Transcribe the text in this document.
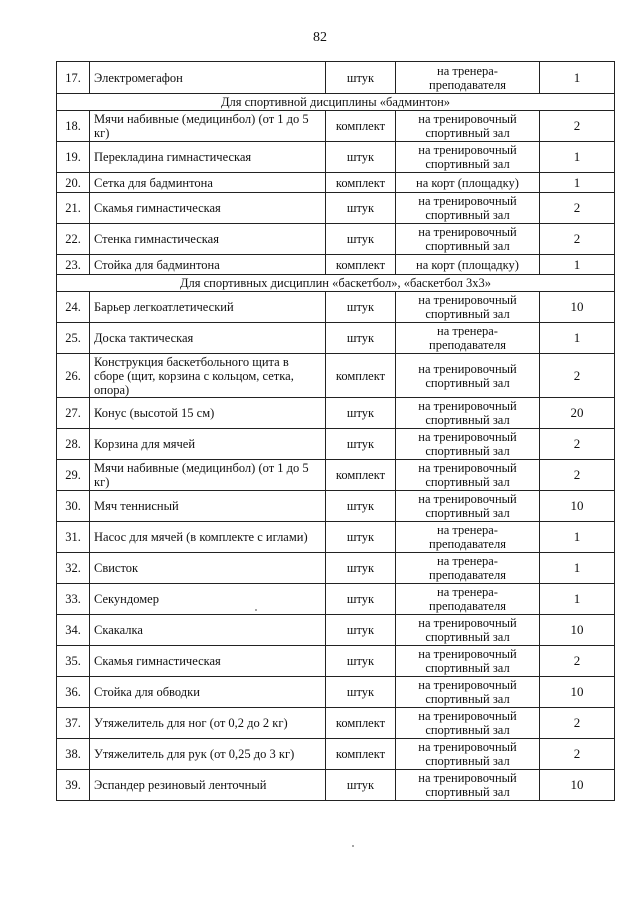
82
17.	Электромегафон	штук	на тренера-преподавателя	1
Для спортивной дисциплины «бадминтон»				
18.	Мячи набивные (медицинбол) (от 1 до 5 кг)	комплект	на тренировочный спортивный зал	2
19.	Перекладина гимнастическая	штук	на тренировочный спортивный зал	1
20.	Сетка для бадминтона	комплект	на корт (площадку)	1
21.	Скамья гимнастическая	штук	на тренировочный спортивный зал	2
22.	Стенка гимнастическая	штук	на тренировочный спортивный зал	2
23.	Стойка для бадминтона	комплект	на корт (площадку)	1
Для спортивных дисциплин «баскетбол», «баскетбол 3x3»				
24.	Барьер легкоатлетический	штук	на тренировочный спортивный зал	10
25.	Доска тактическая	штук	на тренера-преподавателя	1
26.	Конструкция баскетбольного щита в сборе (щит, корзина с кольцом, сетка, опора)	комплект	на тренировочный спортивный зал	2
27.	Конус (высотой 15 см)	штук	на тренировочный спортивный зал	20
28.	Корзина для мячей	штук	на тренировочный спортивный зал	2
29.	Мячи набивные (медицинбол) (от 1 до 5 кг)	комплект	на тренировочный спортивный зал	2
30.	Мяч теннисный	штук	на тренировочный спортивный зал	10
31.	Насос для мячей (в комплекте с иглами)	штук	на тренера-преподавателя	1
32.	Свисток	штук	на тренера-преподавателя	1
33.	Секундомер	штук	на тренера-преподавателя	1
34.	Скакалка	штук	на тренировочный спортивный зал	10
35.	Скамья гимнастическая	штук	на тренировочный спортивный зал	2
36.	Стойка для обводки	штук	на тренировочный спортивный зал	10
37.	Утяжелитель для ног (от 0,2 до 2 кг)	комплект	на тренировочный спортивный зал	2
38.	Утяжелитель для рук (от 0,25 до 3 кг)	комплект	на тренировочный спортивный зал	2
39.	Эспандер резиновый ленточный	штук	на тренировочный спортивный зал	10
